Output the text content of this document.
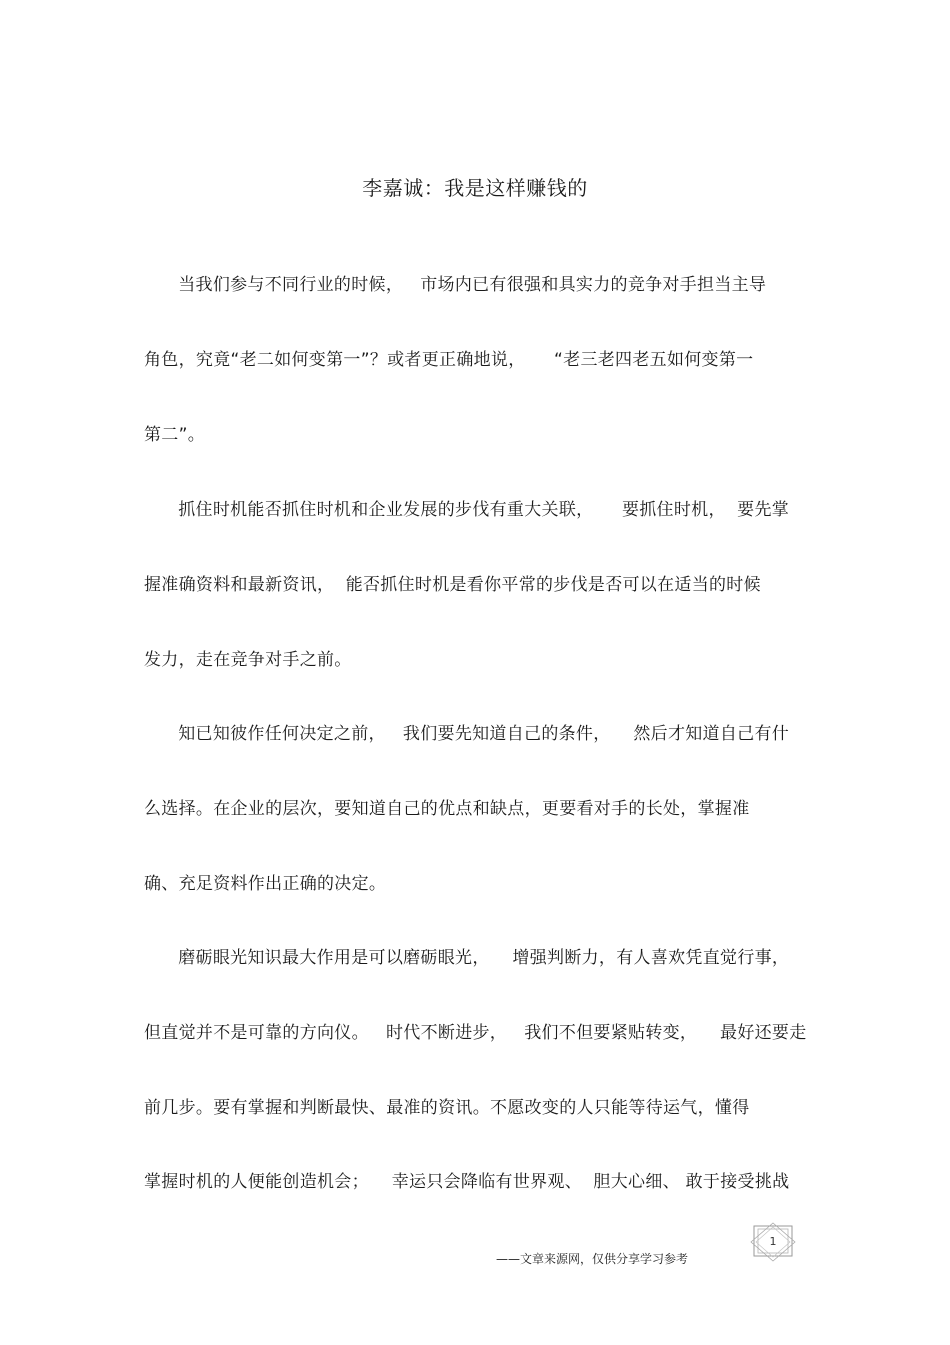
李嘉诚：我是这样赚钱的
当我们参与不同行业的时候，   市场内已有很强和具实力的竞争对手担当主导
角色，究竟“老二如何变第一”？或者更正确地说，     “老三老四老五如何变第一
第二”。
抓住时机能否抓住时机和企业发展的步伐有重大关联，     要抓住时机，  要先掌
握准确资料和最新资讯，  能否抓住时机是看你平常的步伐是否可以在适当的时候
发力，走在竞争对手之前。
知已知彼作任何决定之前，   我们要先知道自己的条件，    然后才知道自己有什
么选择。在企业的层次，要知道自己的优点和缺点，更要看对手的长处，掌握准
确、充足资料作出正确的决定。
磨砺眼光知识最大作用是可以磨砺眼光，    增强判断力，有人喜欢凭直觉行事，
但直觉并不是可靠的方向仪。   时代不断进步，   我们不但要紧贴转变，    最好还要走
前几步。要有掌握和判断最快、最准的资讯。不愿改变的人只能等待运气，懂得
掌握时机的人便能创造机会；    幸运只会降临有世界观、  胆大心细、 敢于接受挑战
——文章来源网，仅供分享学习参考
1
